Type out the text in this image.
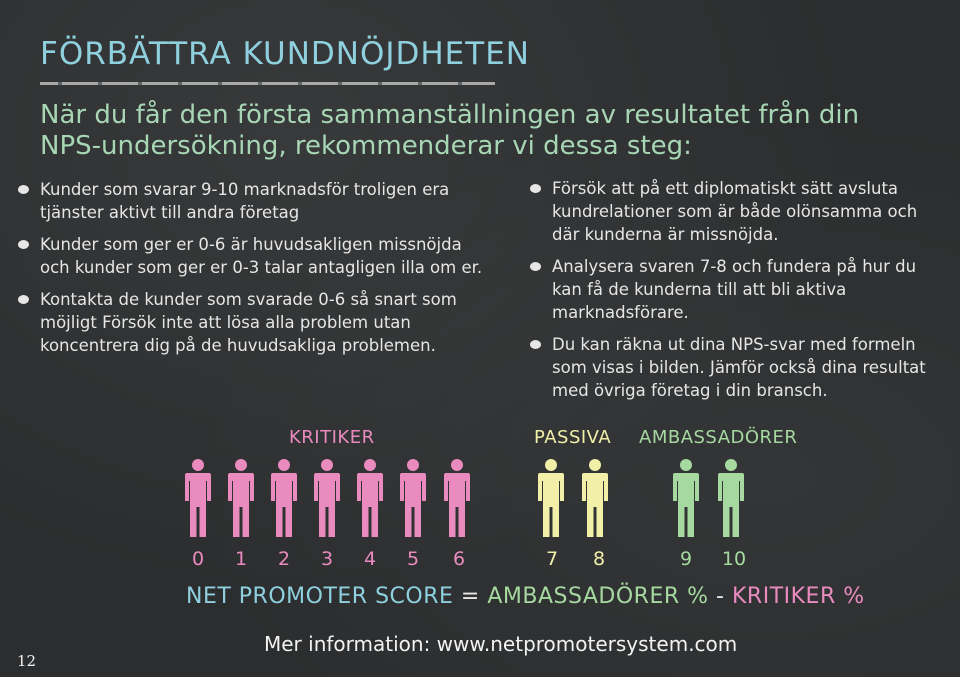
FÖRBÄTTRA KUNDNÖJDHETEN
När du får den första sammanställningen av resultatet från din NPS-undersökning, rekommenderar vi dessa steg:
Kunder som svarar 9-10 marknadsför troligen era tjänster aktivt till andra företag
Kunder som ger er 0-6 är huvudsakligen missnöjda och kunder som ger er 0-3 talar antagligen illa om er.
Kontakta de kunder som svarade 0-6 så snart som möjligt Försök inte att lösa alla problem utan koncentrera dig på de huvudsakliga problemen.
Försök att på ett diplomatiskt sätt avsluta kundrelationer som är både olönsamma och där kunderna är missnöjda.
Analysera svaren 7-8 och fundera på hur du kan få de kunderna till att bli aktiva marknadsförare.
Du kan räkna ut dina NPS-svar med formeln som visas i bilden. Jämför också dina resultat med övriga företag i din bransch.
KRITIKER	PASSIVA AMBASSADÖRER
0	1	2	3	4	5	6	7	8	9	10
NET PROMOTER SCORE = AMBASSADÖRER % - KRITIKER %
Mer information: www.netpromotersystem.com
12
